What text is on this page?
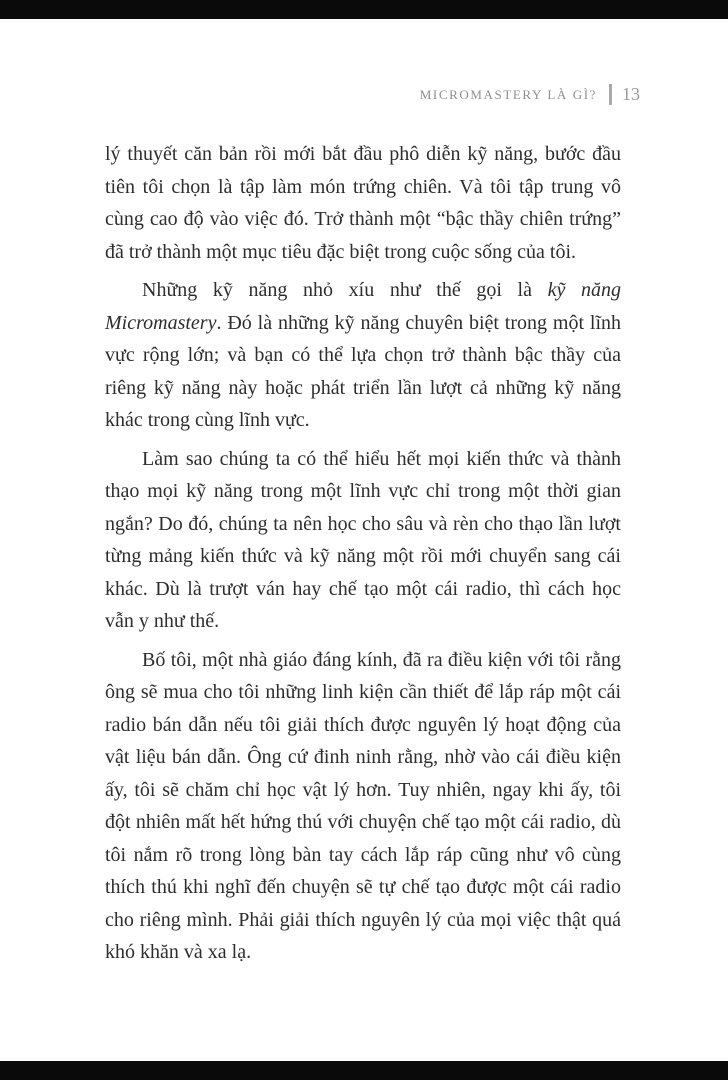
MICROMASTERY LÀ GÌ? 13

lý thuyết căn bản rồi mới bắt đầu phô diễn kỹ năng, bước đầu tiên tôi chọn là tập làm món trứng chiên. Và tôi tập trung vô cùng cao độ vào việc đó. Trở thành một “bậc thầy chiên trứng” đã trở thành một mục tiêu đặc biệt trong cuộc sống của tôi.

Những kỹ năng nhỏ xíu như thế gọi là kỹ năng Micromastery. Đó là những kỹ năng chuyên biệt trong một lĩnh vực rộng lớn; và bạn có thể lựa chọn trở thành bậc thầy của riêng kỹ năng này hoặc phát triển lần lượt cả những kỹ năng khác trong cùng lĩnh vực.

Làm sao chúng ta có thể hiểu hết mọi kiến thức và thành thạo mọi kỹ năng trong một lĩnh vực chỉ trong một thời gian ngắn? Do đó, chúng ta nên học cho sâu và rèn cho thạo lần lượt từng mảng kiến thức và kỹ năng một rồi mới chuyển sang cái khác. Dù là trượt ván hay chế tạo một cái radio, thì cách học vẫn y như thế.

Bố tôi, một nhà giáo đáng kính, đã ra điều kiện với tôi rằng ông sẽ mua cho tôi những linh kiện cần thiết để lắp ráp một cái radio bán dẫn nếu tôi giải thích được nguyên lý hoạt động của vật liệu bán dẫn. Ông cứ đinh ninh rằng, nhờ vào cái điều kiện ấy, tôi sẽ chăm chỉ học vật lý hơn. Tuy nhiên, ngay khi ấy, tôi đột nhiên mất hết hứng thú với chuyện chế tạo một cái radio, dù tôi nắm rõ trong lòng bàn tay cách lắp ráp cũng như vô cùng thích thú khi nghĩ đến chuyện sẽ tự chế tạo được một cái radio cho riêng mình. Phải giải thích nguyên lý của mọi việc thật quá khó khăn và xa lạ.
